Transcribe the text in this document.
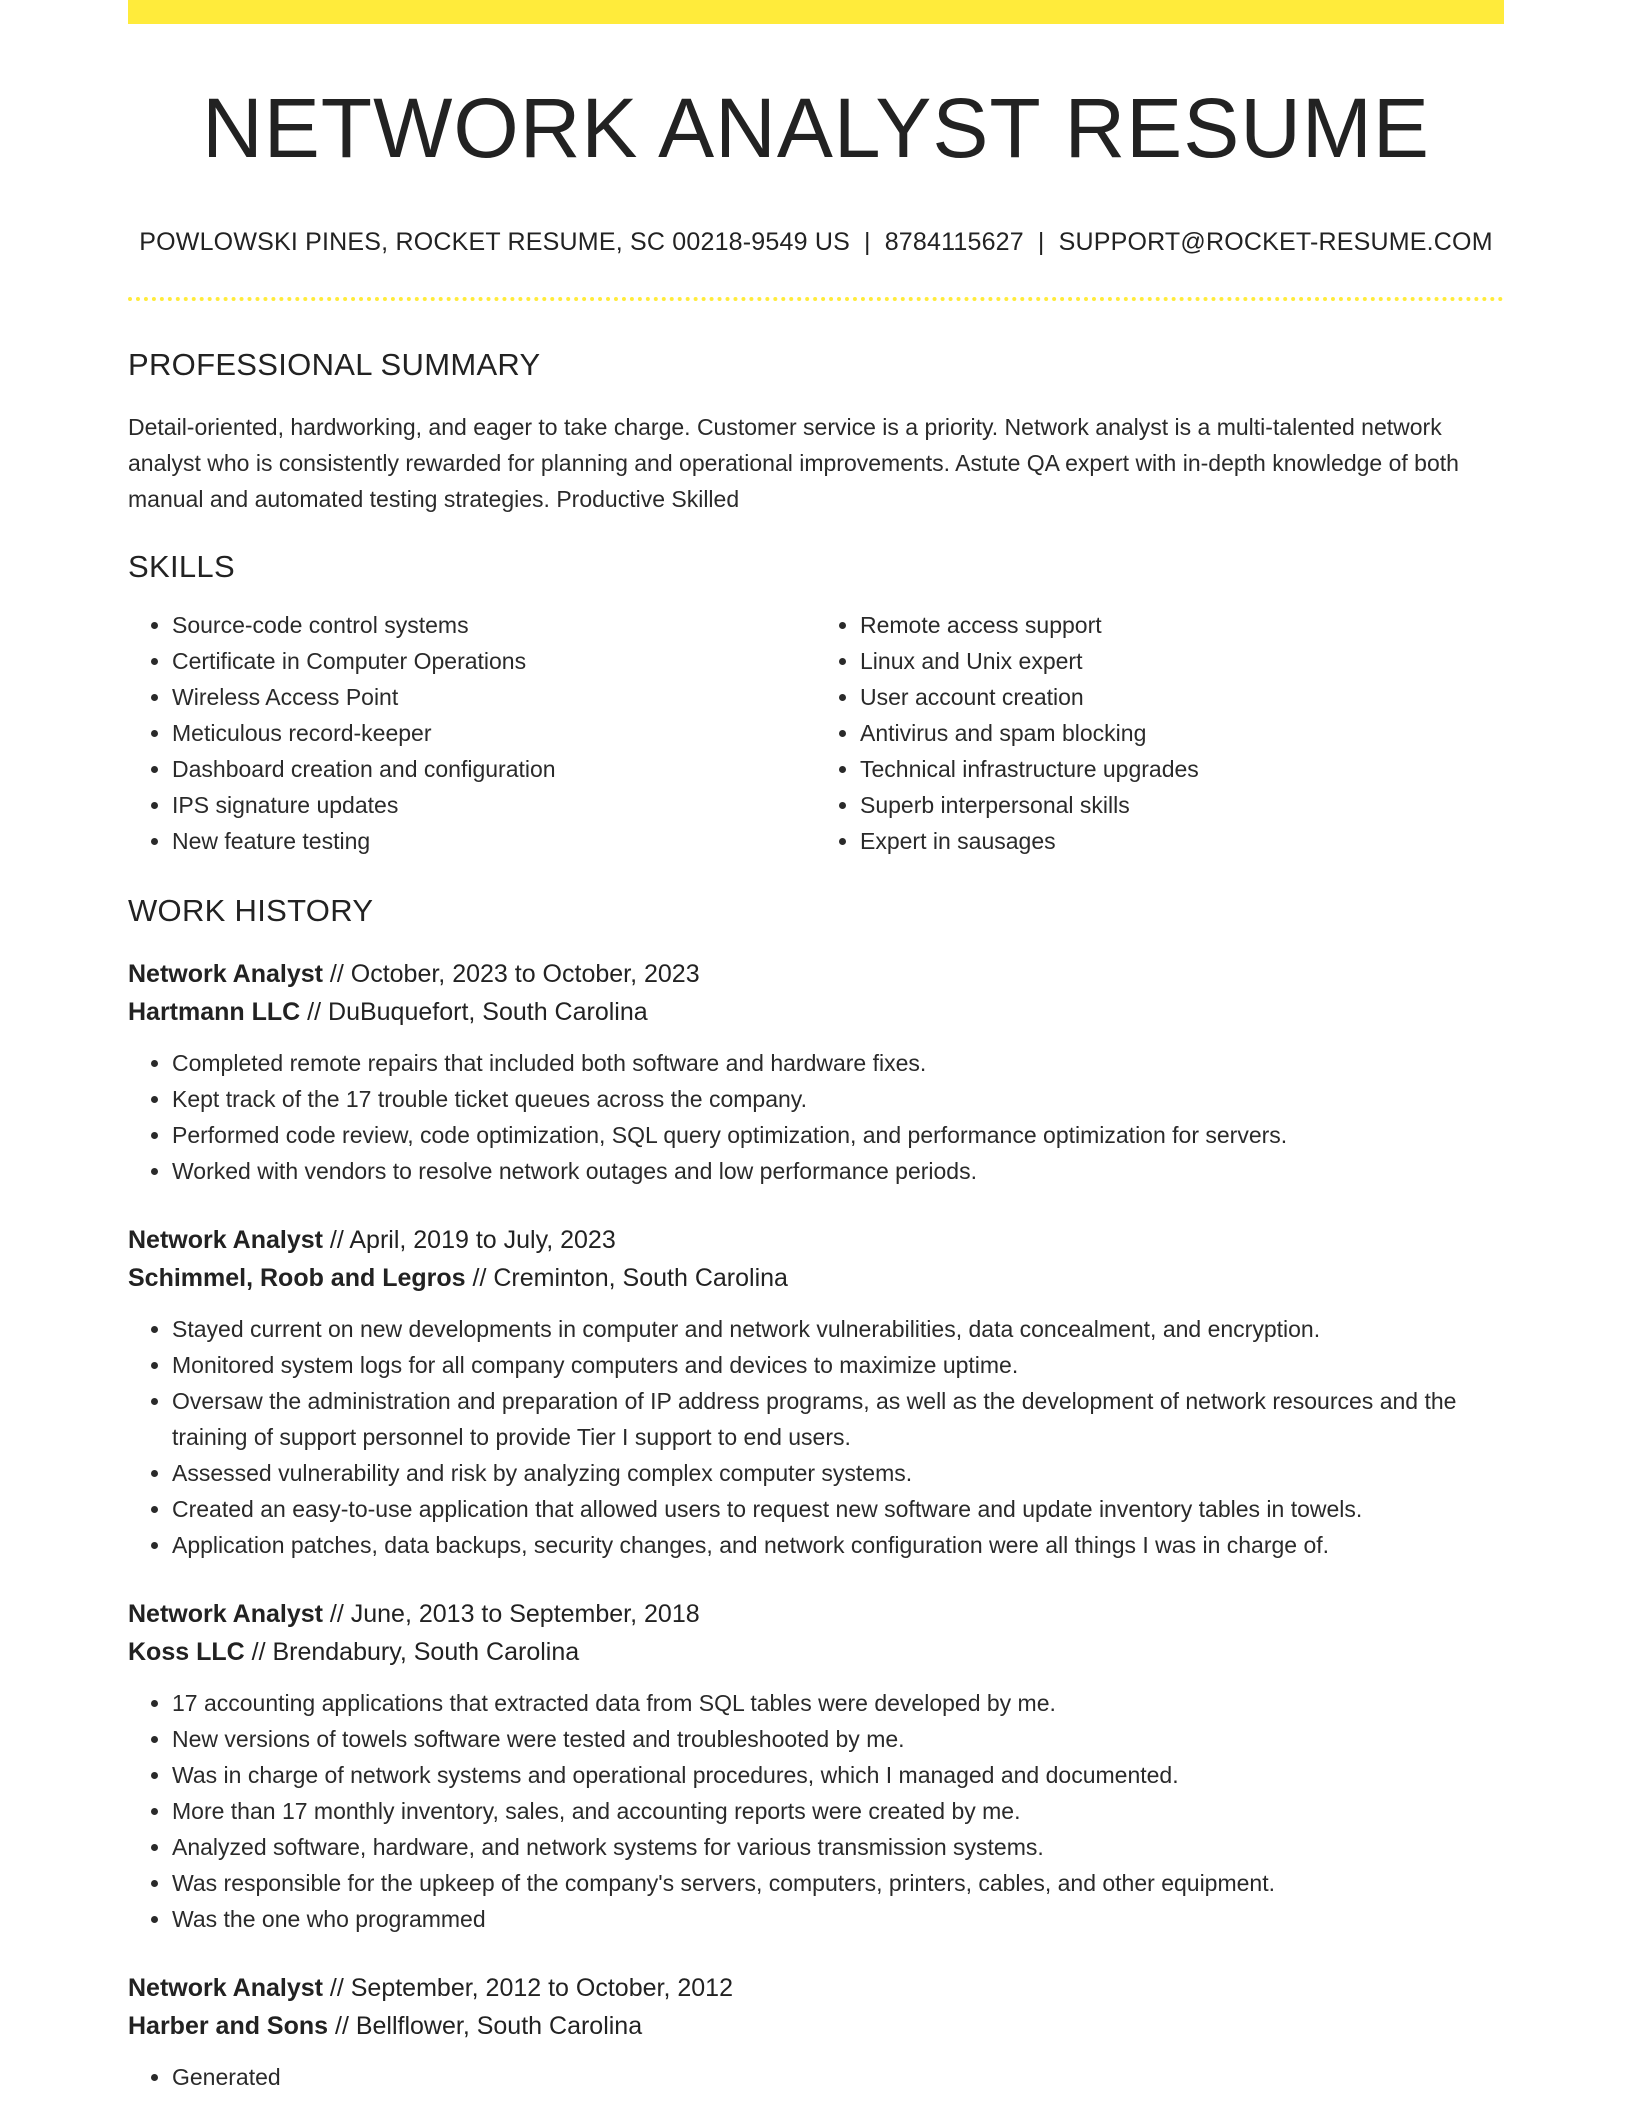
NETWORK ANALYST RESUME
POWLOWSKI PINES, ROCKET RESUME, SC 00218-9549 US | 8784115627 | SUPPORT@ROCKET-RESUME.COM
PROFESSIONAL SUMMARY

Detail-oriented, hardworking, and eager to take charge. Customer service is a priority. Network analyst is a multi-talented network analyst who is consistently rewarded for planning and operational improvements. Astute QA expert with in-depth knowledge of both manual and automated testing strategies. Productive Skilled

SKILLS
• Source-code control systems
• Certificate in Computer Operations
• Wireless Access Point
• Meticulous record-keeper
• Dashboard creation and configuration
• IPS signature updates
• New feature testing
• Remote access support
• Linux and Unix expert
• User account creation
• Antivirus and spam blocking
• Technical infrastructure upgrades
• Superb interpersonal skills
• Expert in sausages
WORK HISTORY
Network Analyst // October, 2023 to October, 2023
Hartmann LLC // DuBuquefort, South Carolina
• Completed remote repairs that included both software and hardware fixes.
• Kept track of the 17 trouble ticket queues across the company.
• Performed code review, code optimization, SQL query optimization, and performance optimization for servers.
• Worked with vendors to resolve network outages and low performance periods.
Network Analyst // April, 2019 to July, 2023
Schimmel, Roob and Legros // Creminton, South Carolina
• Stayed current on new developments in computer and network vulnerabilities, data concealment, and encryption.
• Monitored system logs for all company computers and devices to maximize uptime.
• Oversaw the administration and preparation of IP address programs, as well as the development of network resources and the training of support personnel to provide Tier I support to end users.
• Assessed vulnerability and risk by analyzing complex computer systems.
• Created an easy-to-use application that allowed users to request new software and update inventory tables in towels.
• Application patches, data backups, security changes, and network configuration were all things I was in charge of.
Network Analyst // June, 2013 to September, 2018
Koss LLC // Brendabury, South Carolina
• 17 accounting applications that extracted data from SQL tables were developed by me.
• New versions of towels software were tested and troubleshooted by me.
• Was in charge of network systems and operational procedures, which I managed and documented.
• More than 17 monthly inventory, sales, and accounting reports were created by me.
• Analyzed software, hardware, and network systems for various transmission systems.
• Was responsible for the upkeep of the company's servers, computers, printers, cables, and other equipment.
• Was the one who programmed
Network Analyst // September, 2012 to October, 2012
Harber and Sons // Bellflower, South Carolina
• Generated
